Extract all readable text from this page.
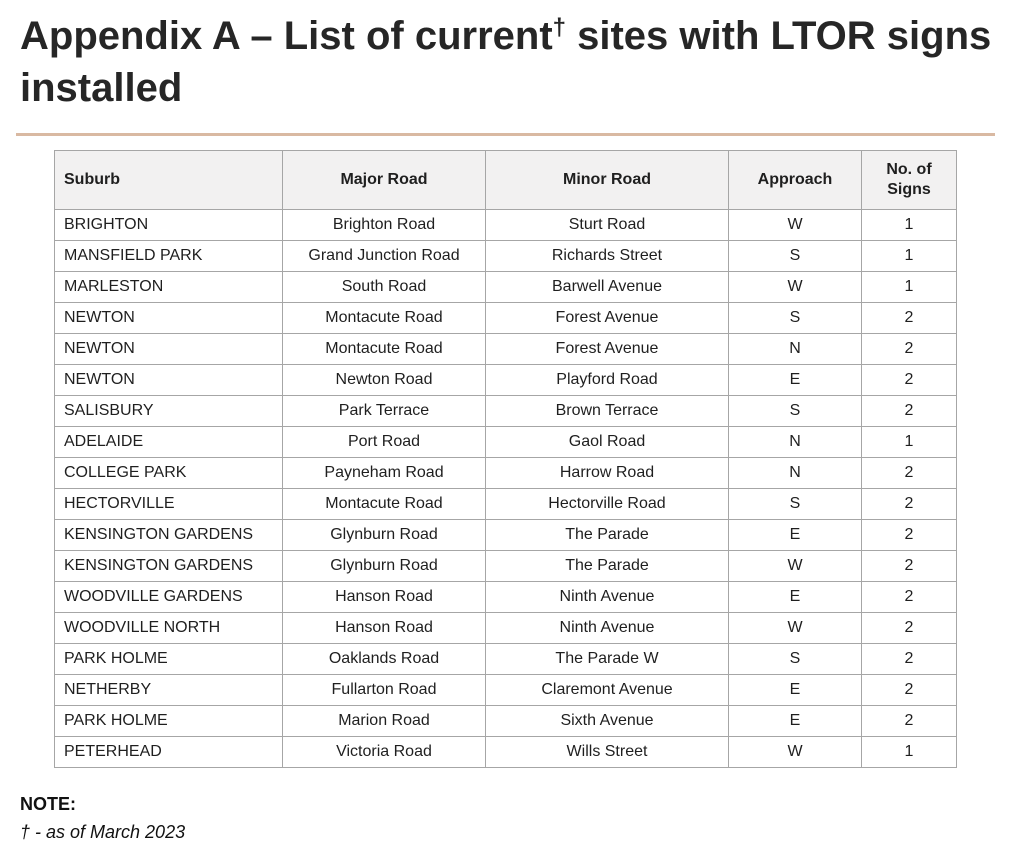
Appendix A – List of current† sites with LTOR signs installed
Suburb	Major Road	Minor Road	Approach	No. of
Signs
BRIGHTON	Brighton Road	Sturt Road	W	1
MANSFIELD PARK	Grand Junction Road	Richards Street	S	1
MARLESTON	South Road	Barwell Avenue	W	1
NEWTON	Montacute Road	Forest Avenue	S	2
NEWTON	Montacute Road	Forest Avenue	N	2
NEWTON	Newton Road	Playford Road	E	2
SALISBURY	Park Terrace	Brown Terrace	S	2
ADELAIDE	Port Road	Gaol Road	N	1
COLLEGE PARK	Payneham Road	Harrow Road	N	2
HECTORVILLE	Montacute Road	Hectorville Road	S	2
KENSINGTON GARDENS	Glynburn Road	The Parade	E	2
KENSINGTON GARDENS	Glynburn Road	The Parade	W	2
WOODVILLE GARDENS	Hanson Road	Ninth Avenue	E	2
WOODVILLE NORTH	Hanson Road	Ninth Avenue	W	2
PARK HOLME	Oaklands Road	The Parade W	S	2
NETHERBY	Fullarton Road	Claremont Avenue	E	2
PARK HOLME	Marion Road	Sixth Avenue	E	2
PETERHEAD	Victoria Road	Wills Street	W	1
NOTE:
† - as of March 2023
